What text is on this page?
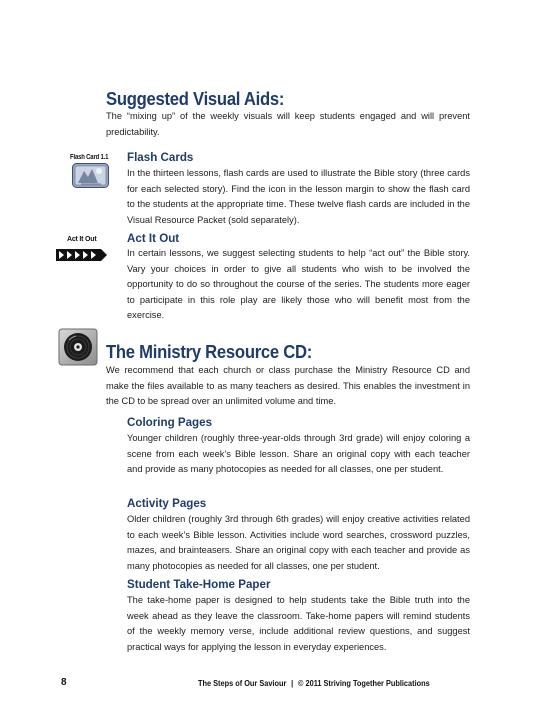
Suggested Visual Aids:
The “mixing up” of the weekly visuals will keep students engaged and will prevent predictability.
Flash Card 1.1 Flash Cards
In the thirteen lessons, flash cards are used to illustrate the Bible story (three cards for each selected story). Find the icon in the lesson margin to show the flash card to the students at the appropriate time. These twelve flash cards are included in the Visual Resource Packet (sold separately).
Act It Out	Act It Out
In certain lessons, we suggest selecting students to help “act out” the Bible story. Vary your choices in order to give all students who wish to be involved the opportunity to do so throughout the course of the series. The students more eager to participate in this role play are likely those who will benefit most from the exercise.
The Ministry Resource CD:
We recommend that each church or class purchase the Ministry Resource CD and make the files available to as many teachers as desired. This enables the investment in the CD to be spread over an unlimited volume and time.
Coloring Pages
Younger children (roughly three-year-olds through 3rd grade) will enjoy coloring a scene from each week’s Bible lesson. Share an original copy with each teacher and provide as many photocopies as needed for all classes, one per student.
Activity Pages
Older children (roughly 3rd through 6th grades) will enjoy creative activities related to each week’s Bible lesson. Activities include word searches, crossword puzzles, mazes, and brainteasers. Share an original copy with each teacher and provide as many photocopies as needed for all classes, one per student.
Student Take-Home Paper
The take-home paper is designed to help students take the Bible truth into the week ahead as they leave the classroom. Take-home papers will remind students of the weekly memory verse, include additional review questions, and suggest practical ways for applying the lesson in everyday experiences.
8	The Steps of Our Saviour | © 2011 Striving Together Publications
